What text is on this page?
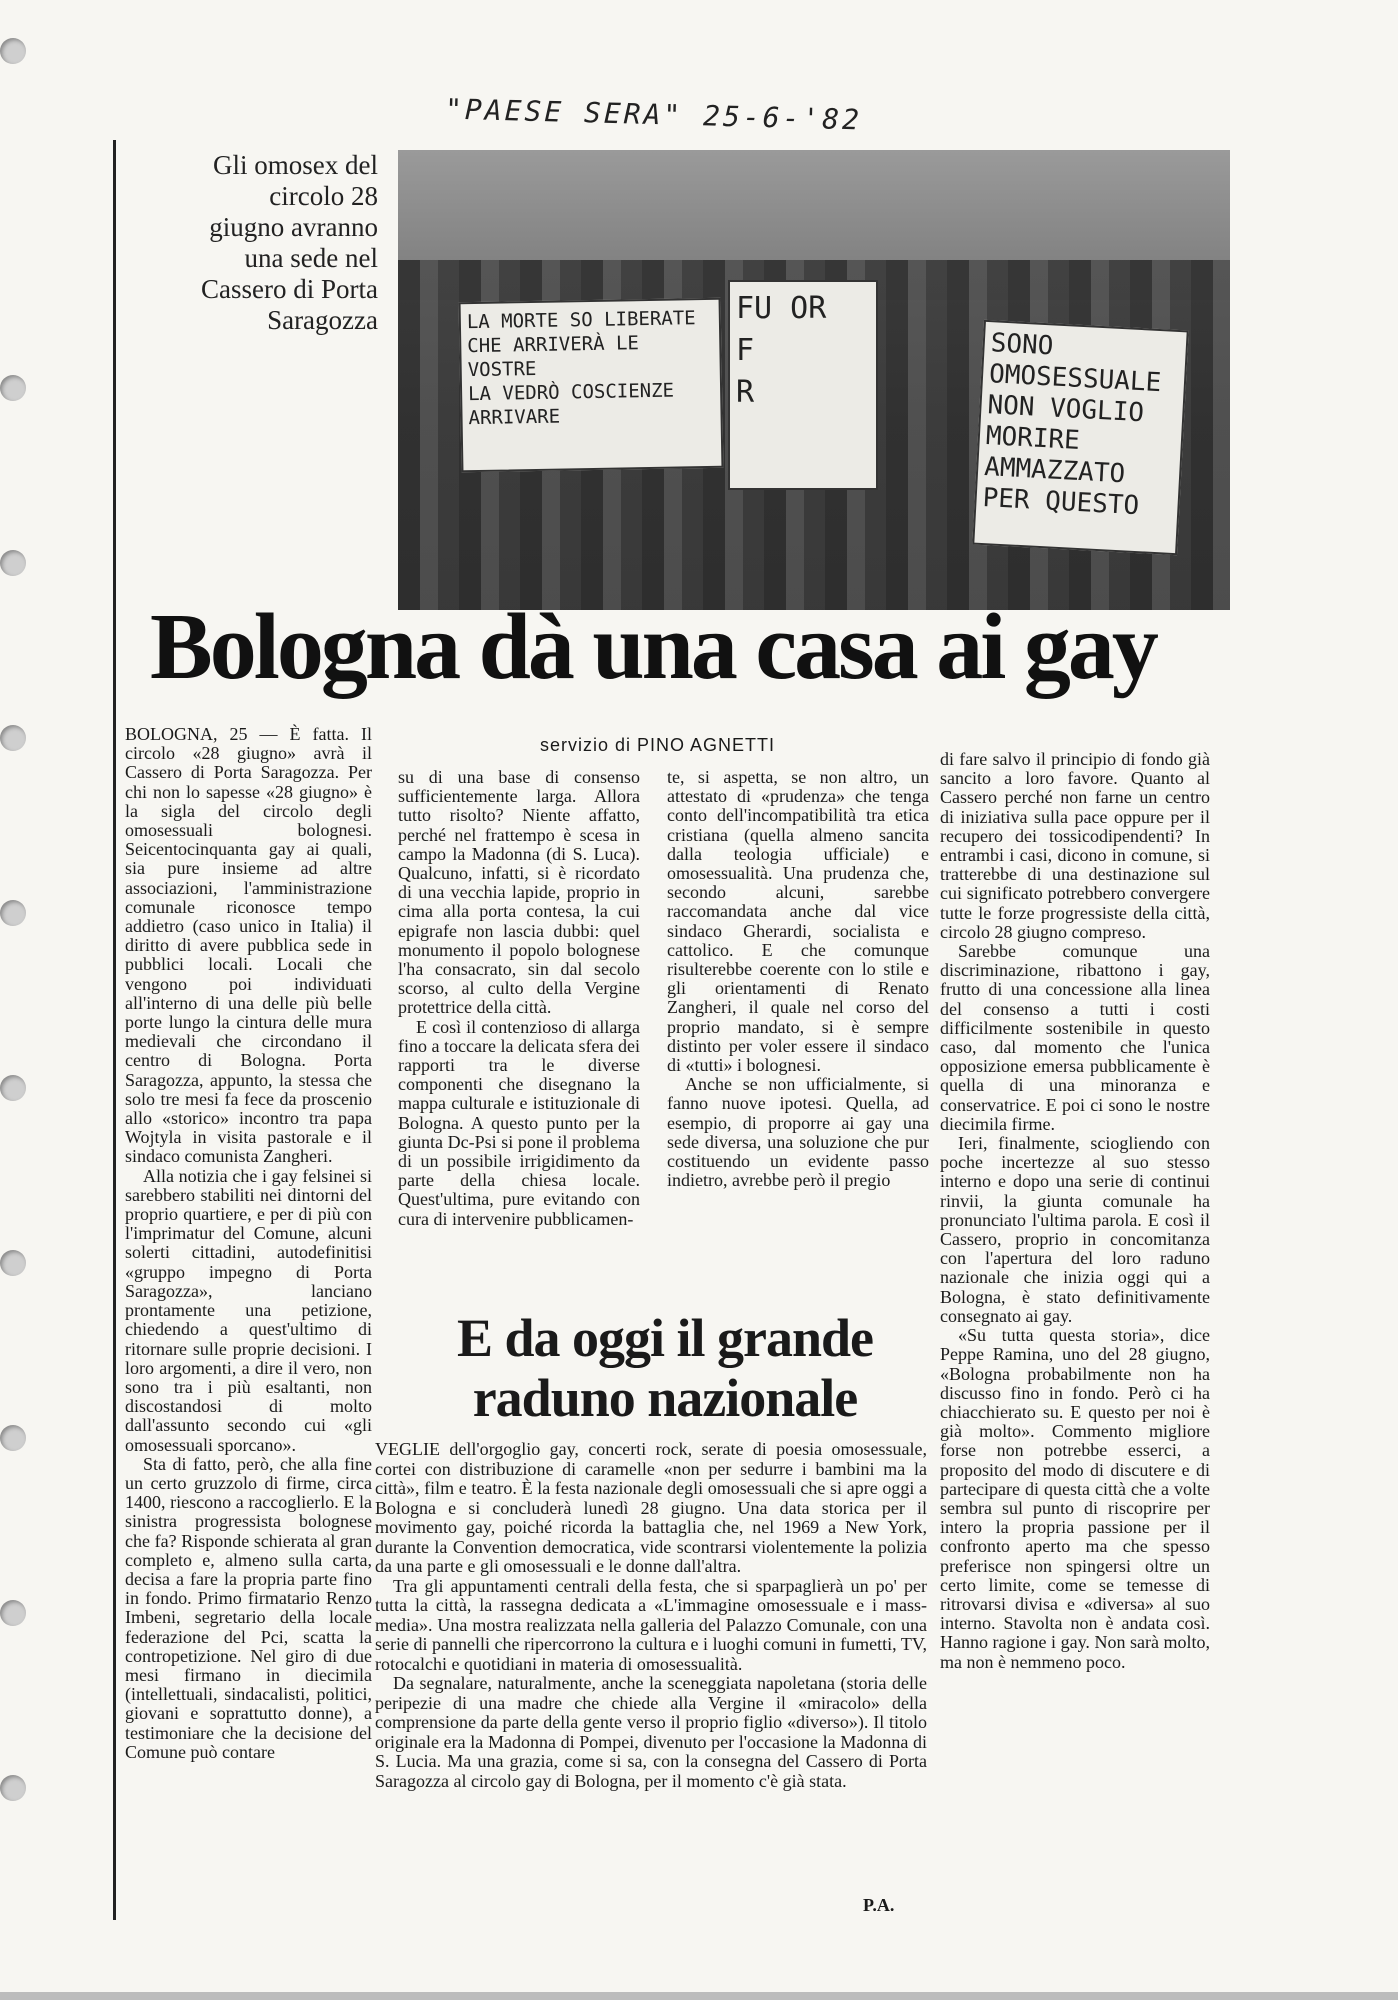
"PAESE SERA" 25-6-'82
Gli omosex del circolo 28 giugno avranno una sede nel Cassero di Porta Saragozza	LA MORTE SO LIBERATE
CHE ARRIVERÀ LE VOSTRE
LA VEDRÒ COSCIENZE
ARRIVARE
FU OR
F
R
SONO
OMOSESSUALE
NON VOGLIO
MORIRE
AMMAZZATO
PER QUESTO
Bologna dà una casa ai gay
servizio di PINO AGNETTI

BOLOGNA, 25 — È fatta. Il circolo «28 giugno» avrà il Cassero di Porta Saragozza. Per chi non lo sapesse «28 giugno» è la sigla del circolo degli omosessuali bolognesi. Seicentocinquanta gay ai quali, sia pure insieme ad altre associazioni, l'amministrazione comunale riconosce tempo addietro (caso unico in Italia) il diritto di avere pubblica sede in pubblici locali. Locali che vengono poi individuati all'interno di una delle più belle porte lungo la cintura delle mura medievali che circondano il centro di Bologna. Porta Saragozza, appunto, la stessa che solo tre mesi fa fece da proscenio allo «storico» incontro tra papa Wojtyla in visita pastorale e il sindaco comunista Zangheri.

Alla notizia che i gay felsinei si sarebbero stabiliti nei dintorni del proprio quartiere, e per di più con l'imprimatur del Comune, alcuni solerti cittadini, autodefinitisi «gruppo impegno di Porta Saragozza», lanciano prontamente una petizione, chiedendo a quest'ultimo di ritornare sulle proprie decisioni. I loro argomenti, a dire il vero, non sono tra i più esaltanti, non discostandosi di molto dall'assunto secondo cui «gli omosessuali sporcano».

Sta di fatto, però, che alla fine un certo gruzzolo di firme, circa 1400, riescono a raccoglierlo. E la sinistra progressista bolognese che fa? Risponde schierata al gran completo e, almeno sulla carta, decisa a fare la propria parte fino in fondo. Primo firmatario Renzo Imbeni, segretario della locale federazione del Pci, scatta la contropetizione. Nel giro di due mesi firmano in diecimila (intellettuali, sindacalisti, politici, giovani e soprattutto donne), a testimoniare che la decisione del Comune può contare

su di una base di consenso sufficientemente larga. Allora tutto risolto? Niente affatto, perché nel frattempo è scesa in campo la Madonna (di S. Luca). Qualcuno, infatti, si è ricordato di una vecchia lapide, proprio in cima alla porta contesa, la cui epigrafe non lascia dubbi: quel monumento il popolo bolognese l'ha consacrato, sin dal secolo scorso, al culto della Vergine protettrice della città.

E così il contenzioso di allarga fino a toccare la delicata sfera dei rapporti tra le diverse componenti che disegnano la mappa culturale e istituzionale di Bologna. A questo punto per la giunta Dc-Psi si pone il problema di un possibile irrigidimento da parte della chiesa locale. Quest'ultima, pure evitando con cura di intervenire pubblicamen-

te, si aspetta, se non altro, un attestato di «prudenza» che tenga conto dell'incompatibilità tra etica cristiana (quella almeno sancita dalla teologia ufficiale) e omosessualità. Una prudenza che, secondo alcuni, sarebbe raccomandata anche dal vice sindaco Gherardi, socialista e cattolico. E che comunque risulterebbe coerente con lo stile e gli orientamenti di Renato Zangheri, il quale nel corso del proprio mandato, si è sempre distinto per voler essere il sindaco di «tutti» i bolognesi.

Anche se non ufficialmente, si fanno nuove ipotesi. Quella, ad esempio, di proporre ai gay una sede diversa, una soluzione che pur costituendo un evidente passo indietro, avrebbe però il pregio

di fare salvo il principio di fondo già sancito a loro favore. Quanto al Cassero perché non farne un centro di iniziativa sulla pace oppure per il recupero dei tossicodipendenti? In entrambi i casi, dicono in comune, si tratterebbe di una destinazione sul cui significato potrebbero convergere tutte le forze progressiste della città, circolo 28 giugno compreso.

Sarebbe comunque una discriminazione, ribattono i gay, frutto di una concessione alla linea del consenso a tutti i costi difficilmente sostenibile in questo caso, dal momento che l'unica opposizione emersa pubblicamente è quella di una minoranza e conservatrice. E poi ci sono le nostre diecimila firme.

Ieri, finalmente, sciogliendo con poche incertezze al suo stesso interno e dopo una serie di continui rinvii, la giunta comunale ha pronunciato l'ultima parola. E così il Cassero, proprio in concomitanza con l'apertura del loro raduno nazionale che inizia oggi qui a Bologna, è stato definitivamente consegnato ai gay.

«Su tutta questa storia», dice Peppe Ramina, uno del 28 giugno, «Bologna probabilmente non ha discusso fino in fondo. Però ci ha chiacchierato su. E questo per noi è già molto». Commento migliore forse non potrebbe esserci, a proposito del modo di discutere e di partecipare di questa città che a volte sembra sul punto di riscoprire per intero la propria passione per il confronto aperto ma che spesso preferisce non spingersi oltre un certo limite, come se temesse di ritrovarsi divisa e «diversa» al suo interno. Stavolta non è andata così. Hanno ragione i gay. Non sarà molto, ma non è nemmeno poco.

E da oggi il grande raduno nazionale

VEGLIE dell'orgoglio gay, concerti rock, serate di poesia omosessuale, cortei con distribuzione di caramelle «non per sedurre i bambini ma la città», film e teatro. È la festa nazionale degli omosessuali che si apre oggi a Bologna e si concluderà lunedì 28 giugno. Una data storica per il movimento gay, poiché ricorda la battaglia che, nel 1969 a New York, durante la Convention democratica, vide scontrarsi violentemente la polizia da una parte e gli omosessuali e le donne dall'altra.

Tra gli appuntamenti centrali della festa, che si sparpaglierà un po' per tutta la città, la rassegna dedicata a «L'immagine omosessuale e i mass-media». Una mostra realizzata nella galleria del Palazzo Comunale, con una serie di pannelli che ripercorrono la cultura e i luoghi comuni in fumetti, TV, rotocalchi e quotidiani in materia di omosessualità.

Da segnalare, naturalmente, anche la sceneggiata napoletana (storia delle peripezie di una madre che chiede alla Vergine il «miracolo» della comprensione da parte della gente verso il proprio figlio «diverso»). Il titolo originale era la Madonna di Pompei, divenuto per l'occasione la Madonna di S. Lucia. Ma una grazia, come si sa, con la consegna del Cassero di Porta Saragozza al circolo gay di Bologna, per il momento c'è già stata.

P.A.
